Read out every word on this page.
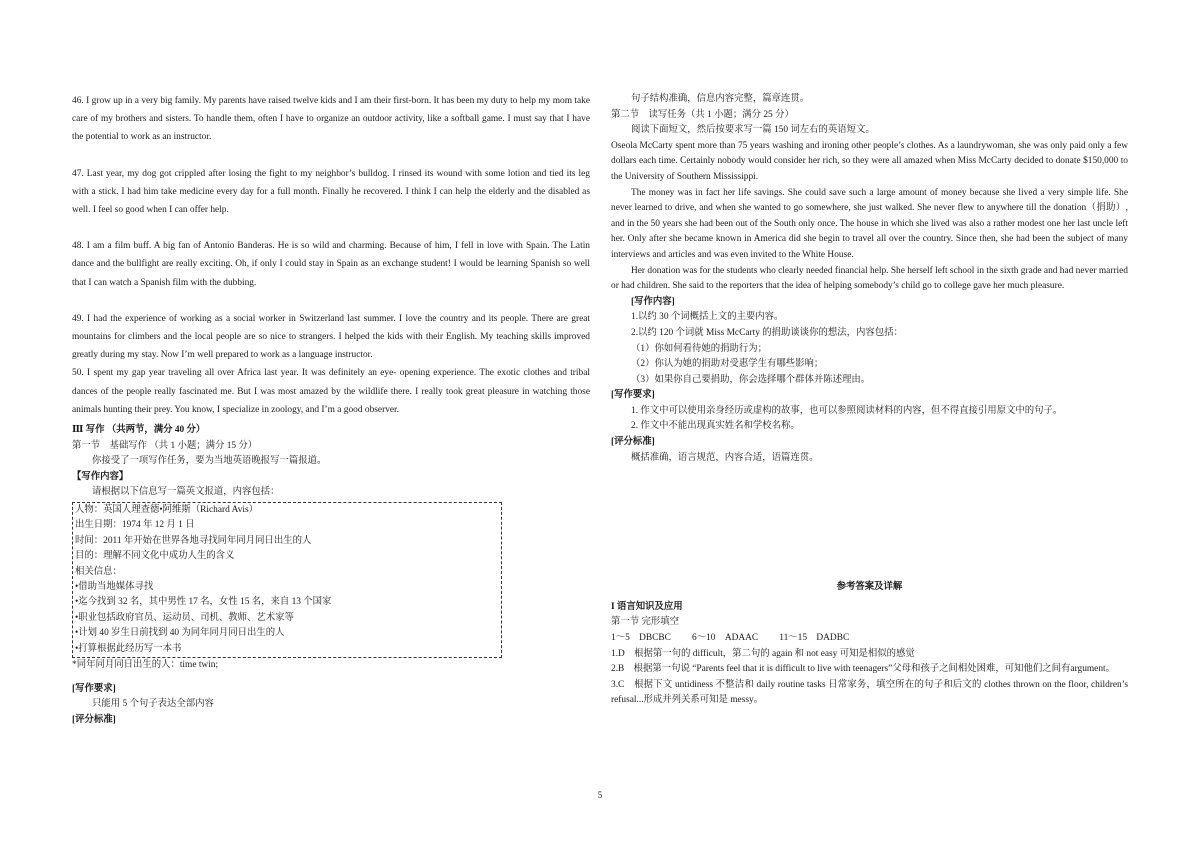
46. I grow up in a very big family. My parents have raised twelve kids and I am their first-born. It has been my duty to help my mom take care of my brothers and sisters. To handle them, often I have to organize an outdoor activity, like a softball game. I must say that I have the potential to work as an instructor.

47. Last year, my dog got crippled after losing the fight to my neighbor’s bulldog. I rinsed its wound with some lotion and tied its leg with a stick. I had him take medicine every day for a full month. Finally he recovered. I think I can help the elderly and the disabled as well. I feel so good when I can offer help.

48. I am a film buff. A big fan of Antonio Banderas. He is so wild and charming. Because of him, I fell in love with Spain. The Latin dance and the bullfight are really exciting. Oh, if only I could stay in Spain as an exchange student! I would be learning Spanish so well that I can watch a Spanish film with the dubbing.

49. I had the experience of working as a social worker in Switzerland last summer. I love the country and its people. There are great mountains for climbers and the local people are so nice to strangers. I helped the kids with their English. My teaching skills improved greatly during my stay. Now I’m well prepared to work as a language instructor.

50. I spent my gap year traveling all over Africa last year. It was definitely an eye- opening experience. The exotic clothes and tribal dances of the people really fascinated me. But I was most amazed by the wildlife there. I really took great pleasure in watching those animals hunting their prey. You know, I specialize in zoology, and I’m a good observer.

Ⅲ 写作 （共两节，满分 40 分）

第一节　基础写作 （共 1 小题；满分 15 分）

你接受了一项写作任务，要为当地英语晚报写一篇报道。

【写作内容】

请根据以下信息写一篇英文报道，内容包括：

人物：英国人理查德•阿维斯（Richard Avis）
出生日期：1974 年 12 月 1 日
时间：2011 年开始在世界各地寻找同年同月同日出生的人
目的：理解不同文化中成功人生的含义
相关信息：
•借助当地媒体寻找
•迄今找到 32 名，其中男性 17 名，女性 15 名，来自 13 个国家
•职业包括政府官员、运动员、司机、教师、艺术家等
•计划 40 岁生日前找到 40 为同年同月同日出生的人
•打算根据此经历写一本书

*同年同月同日出生的人：time twin;

[写作要求]

只能用 5 个句子表达全部内容

[评分标准]

句子结构准确，信息内容完整，篇章连贯。

第二节　读写任务（共 1 小题；满分 25 分）

阅读下面短文，然后按要求写一篇 150 词左右的英语短文。

Oseola McCarty spent more than 75 years washing and ironing other people’s clothes. As a laundrywoman, she was only paid only a few dollars each time. Certainly nobody would consider her rich, so they were all amazed when Miss McCarty decided to donate $150,000 to the University of Southern Mississippi.

The money was in fact her life savings. She could save such a large amount of money because she lived a very simple life. She never learned to drive, and when she wanted to go somewhere, she just walked. She never flew to anywhere till the donation（捐助）, and in the 50 years she had been out of the South only once. The house in which she lived was also a rather modest one her last uncle left her. Only after she became known in America did she begin to travel all over the country. Since then, she had been the subject of many interviews and articles and was even invited to the White House.

Her donation was for the students who clearly needed financial help. She herself left school in the sixth grade and had never married or had children. She said to the reporters that the idea of helping somebody’s child go to college gave her much pleasure.

[写作内容]

1.以约 30 个词概括上文的主要内容。

2.以约 120 个词就 Miss McCarty 的捐助谈谈你的想法，内容包括：

（1）你如何看待她的捐助行为；

（2）你认为她的捐助对受惠学生有哪些影响；

（3）如果你自己要捐助，你会选择哪个群体并陈述理由。

[写作要求]

1. 作文中可以使用亲身经历或虚构的故事，也可以参照阅读材料的内容，但不得直接引用原文中的句子。

2. 作文中不能出现真实姓名和学校名称。

[评分标准]

概括准确，语言规范，内容合适，语篇连贯。

参考答案及详解

I 语言知识及应用

第一节 完形填空

1～5　DBCBC　　 6～10　ADAAC　　 11～15　DADBC

1.D　根据第一句的 difficult，第二句的 again 和 not easy 可知是相似的感觉

2.B　根据第一句说 “Parents feel that it is difficult to live with teenagers”父母和孩子之间相处困难，可知他们之间有argument。

3.C　根据下文 untidiness 不整洁和 daily routine tasks 日常家务，填空所在的句子和后文的 clothes thrown on the floor, children’s refusal...形成并列关系可知是 messy。

5
